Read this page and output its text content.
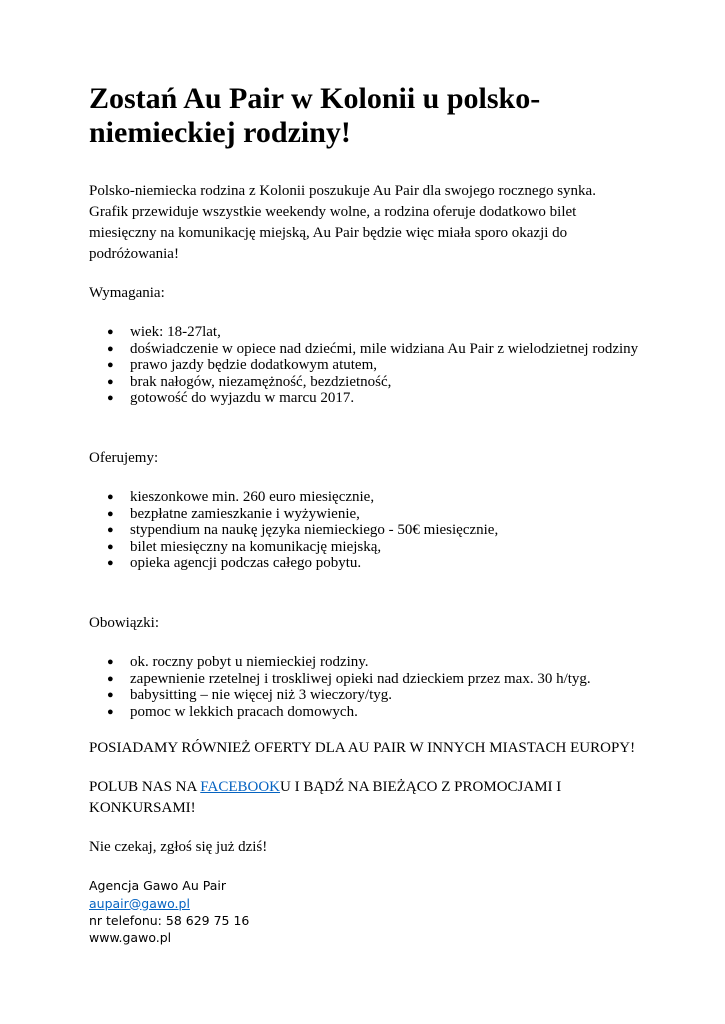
Zostań Au Pair w Kolonii u polsko-
niemieckiej rodziny!

Polsko-niemiecka rodzina z Kolonii poszukuje Au Pair dla swojego rocznego synka. Grafik przewiduje wszystkie weekendy wolne, a rodzina oferuje dodatkowo bilet miesięczny na komunikację miejską, Au Pair będzie więc miała sporo okazji do podróżowania!

Wymagania:

● wiek: 18-27lat,
● doświadczenie w opiece nad dziećmi, mile widziana Au Pair z wielodzietnej rodziny
● prawo jazdy będzie dodatkowym atutem,
● brak nałogów, niezamężność, bezdzietność,
● gotowość do wyjazdu w marcu 2017.

Oferujemy:

● kieszonkowe min. 260 euro miesięcznie,
● bezpłatne zamieszkanie i wyżywienie,
● stypendium na naukę języka niemieckiego - 50€ miesięcznie,
● bilet miesięczny na komunikację miejską,
● opieka agencji podczas całego pobytu.

Obowiązki:

● ok. roczny pobyt u niemieckiej rodziny.
● zapewnienie rzetelnej i troskliwej opieki nad dzieckiem przez max. 30 h/tyg.
● babysitting – nie więcej niż 3 wieczory/tyg.
● pomoc w lekkich pracach domowych.

POSIADAMY RÓWNIEŻ OFERTY DLA AU PAIR W INNYCH MIASTACH EUROPY!

POLUB NAS NA FACEBOOKU I BĄDŹ NA BIEŻĄCO Z PROMOCJAMI I KONKURSAMI!

Nie czekaj, zgłoś się już dziś!

Agencja Gawo Au Pair
aupair@gawo.pl
nr telefonu: 58 629 75 16
www.gawo.pl
